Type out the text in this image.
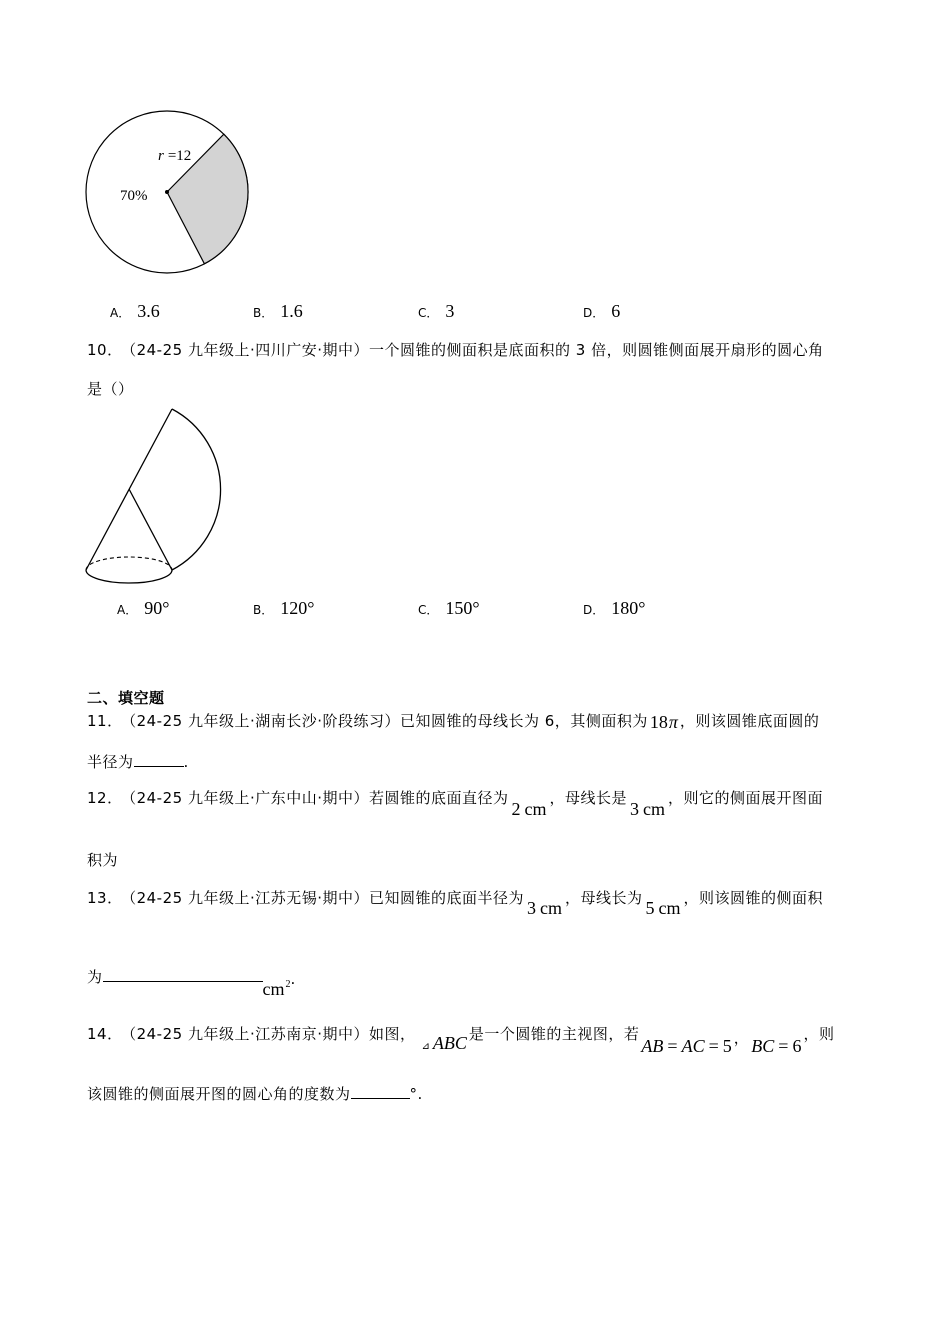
r =12
70%
A． 3.6	B． 1.6	C． 3	D． 6
10． （24-25 九年级上·四川广安·期中）一个圆锥的侧面积是底面积的 3 倍，则圆锥侧面展开扇形的圆心角
是（）
A． 90°	B． 120°	C． 150°	D． 180°
二、填空题
11． （24-25 九年级上·湖南长沙·阶段练习）已知圆锥的母线长为 6，其侧面积为 18π ，则该圆锥底面圆的
半径为	.
12． （24-25 九年级上·广东中山·期中）若圆锥的底面直径为2 cm，母线长是3 cm，则它的侧面展开图面
积为
13． （24-25 九年级上·江苏无锡·期中）已知圆锥的底面半径为 3 cm ，母线长为 5 cm ，则该圆锥的侧面积
为$cm^2$.
14． （24-25 九年级上·江苏南京·期中）如图，⊿ ABC 是一个圆锥的主视图，若AB = AC = 5 ， BC = 6，则
该圆锥的侧面展开图的圆心角的度数为	°.
